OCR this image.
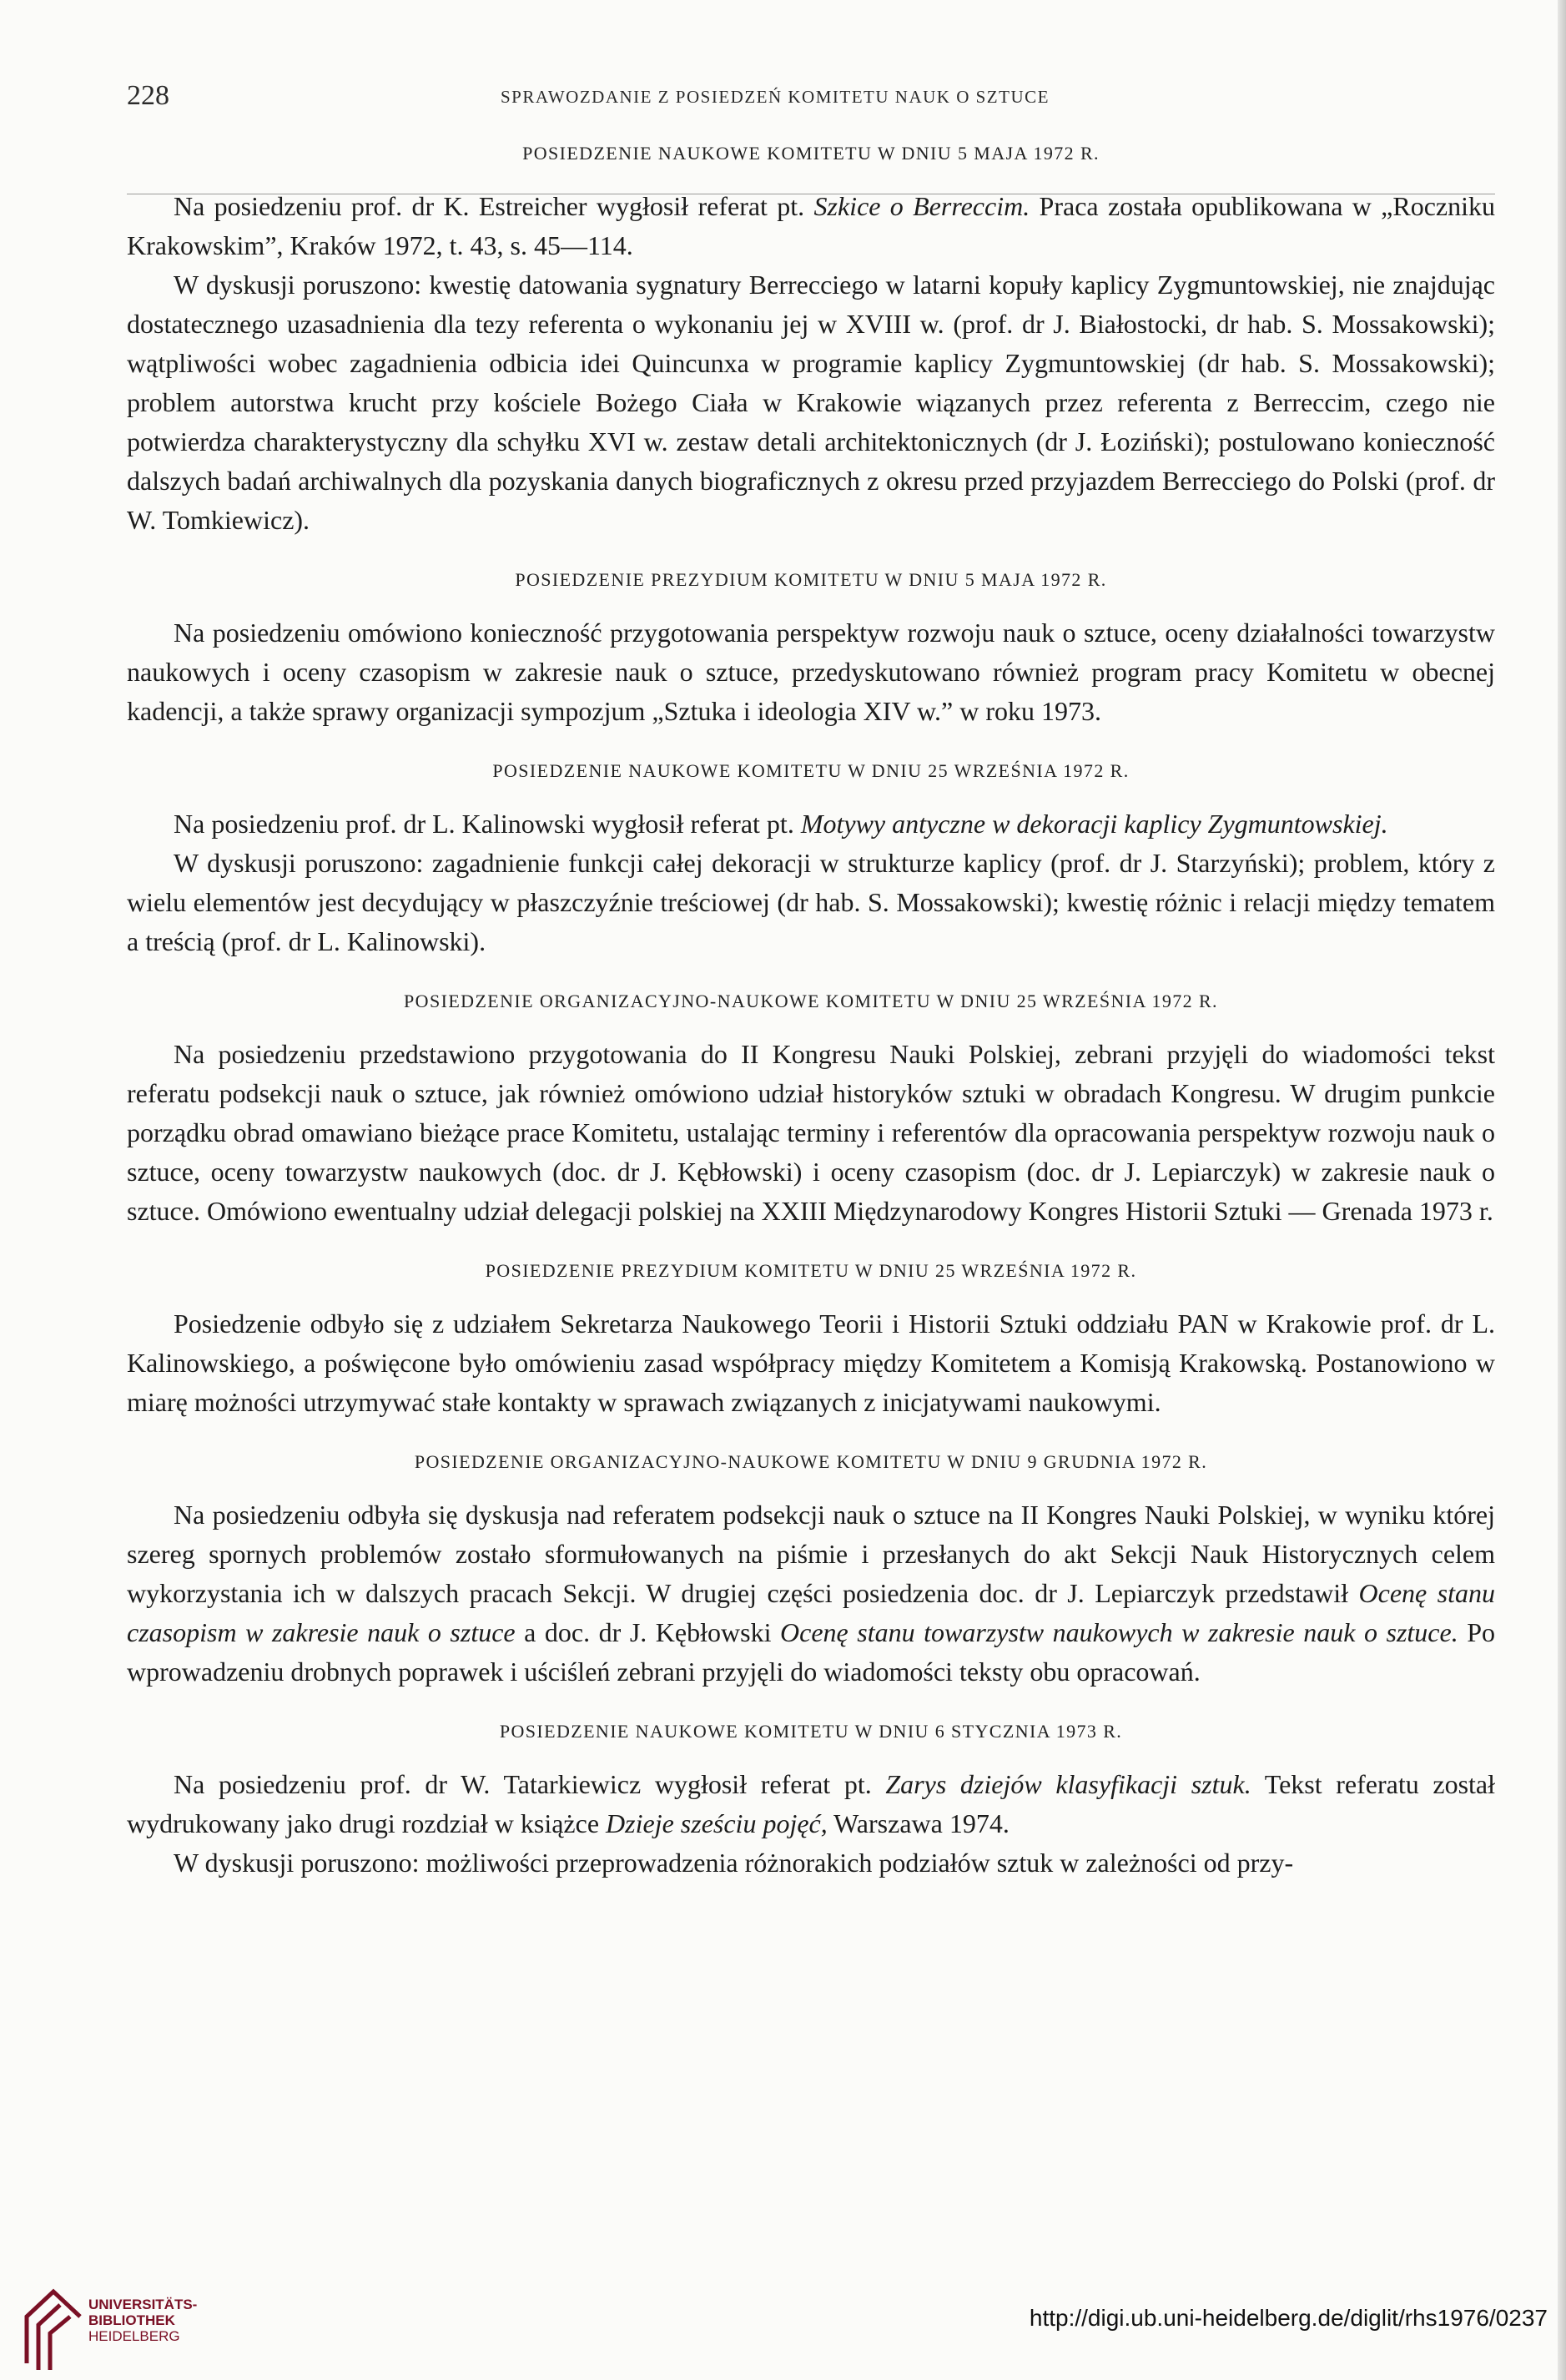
228	SPRAWOZDANIE Z POSIEDZEŃ KOMITETU NAUK O SZTUCE
POSIEDZENIE NAUKOWE KOMITETU W DNIU 5 MAJA 1972 R.

Na posiedzeniu prof. dr K. Estreicher wygłosił referat pt. Szkice o Berreccim. Praca została opublikowana w „Roczniku Krakowskim”, Kraków 1972, t. 43, s. 45—114.

W dyskusji poruszono: kwestię datowania sygnatury Berrecciego w latarni kopuły kaplicy Zygmuntowskiej, nie znajdując dostatecznego uzasadnienia dla tezy referenta o wykonaniu jej w XVIII w. (prof. dr J. Białostocki, dr hab. S. Mossakowski); wątpliwości wobec zagadnienia odbicia idei Quincunxa w programie kaplicy Zygmuntowskiej (dr hab. S. Mossakowski); problem autorstwa krucht przy kościele Bożego Ciała w Krakowie wiązanych przez referenta z Berreccim, czego nie potwierdza charakterystyczny dla schyłku XVI w. zestaw detali architektonicznych (dr J. Łoziński); postulowano konieczność dalszych badań archiwalnych dla pozyskania danych biograficznych z okresu przed przyjazdem Berrecciego do Polski (prof. dr W. Tomkiewicz).

POSIEDZENIE PREZYDIUM KOMITETU W DNIU 5 MAJA 1972 R.

Na posiedzeniu omówiono konieczność przygotowania perspektyw rozwoju nauk o sztuce, oceny działalności towarzystw naukowych i oceny czasopism w zakresie nauk o sztuce, przedyskutowano również program pracy Komitetu w obecnej kadencji, a także sprawy organizacji sympozjum „Sztuka i ideologia XIV w.” w roku 1973.

POSIEDZENIE NAUKOWE KOMITETU W DNIU 25 WRZEŚNIA 1972 R.

Na posiedzeniu prof. dr L. Kalinowski wygłosił referat pt. Motywy antyczne w dekoracji kaplicy Zygmuntowskiej.

W dyskusji poruszono: zagadnienie funkcji całej dekoracji w strukturze kaplicy (prof. dr J. Starzyński); problem, który z wielu elementów jest decydujący w płaszczyźnie treściowej (dr hab. S. Mossakowski); kwestię różnic i relacji między tematem a treścią (prof. dr L. Kalinowski).

POSIEDZENIE ORGANIZACYJNO-NAUKOWE KOMITETU W DNIU 25 WRZEŚNIA 1972 R.

Na posiedzeniu przedstawiono przygotowania do II Kongresu Nauki Polskiej, zebrani przyjęli do wiadomości tekst referatu podsekcji nauk o sztuce, jak również omówiono udział historyków sztuki w obradach Kongresu. W drugim punkcie porządku obrad omawiano bieżące prace Komitetu, ustalając terminy i referentów dla opracowania perspektyw rozwoju nauk o sztuce, oceny towarzystw naukowych (doc. dr J. Kębłowski) i oceny czasopism (doc. dr J. Lepiarczyk) w zakresie nauk o sztuce. Omówiono ewentualny udział delegacji polskiej na XXIII Międzynarodowy Kongres Historii Sztuki — Grenada 1973 r.

POSIEDZENIE PREZYDIUM KOMITETU W DNIU 25 WRZEŚNIA 1972 R.

Posiedzenie odbyło się z udziałem Sekretarza Naukowego Teorii i Historii Sztuki oddziału PAN w Krakowie prof. dr L. Kalinowskiego, a poświęcone było omówieniu zasad współpracy między Komitetem a Komisją Krakowską. Postanowiono w miarę możności utrzymywać stałe kontakty w sprawach związanych z inicjatywami naukowymi.

POSIEDZENIE ORGANIZACYJNO-NAUKOWE KOMITETU W DNIU 9 GRUDNIA 1972 R.

Na posiedzeniu odbyła się dyskusja nad referatem podsekcji nauk o sztuce na II Kongres Nauki Polskiej, w wyniku której szereg spornych problemów zostało sformułowanych na piśmie i przesłanych do akt Sekcji Nauk Historycznych celem wykorzystania ich w dalszych pracach Sekcji. W drugiej części posiedzenia doc. dr J. Lepiarczyk przedstawił Ocenę stanu czasopism w zakresie nauk o sztuce a doc. dr J. Kębłowski Ocenę stanu towarzystw naukowych w zakresie nauk o sztuce. Po wprowadzeniu drobnych poprawek i uściśleń zebrani przyjęli do wiadomości teksty obu opracowań.

POSIEDZENIE NAUKOWE KOMITETU W DNIU 6 STYCZNIA 1973 R.

Na posiedzeniu prof. dr W. Tatarkiewicz wygłosił referat pt. Zarys dziejów klasyfikacji sztuk. Tekst referatu został wydrukowany jako drugi rozdział w książce Dzieje sześciu pojęć, Warszawa 1974.

W dyskusji poruszono: możliwości przeprowadzenia różnorakich podziałów sztuk w zależności od przy-

UNIVERSITÄTS-
BIBLIOTHEK
HEIDELBERG
http://digi.ub.uni-heidelberg.de/diglit/rhs1976/0237
